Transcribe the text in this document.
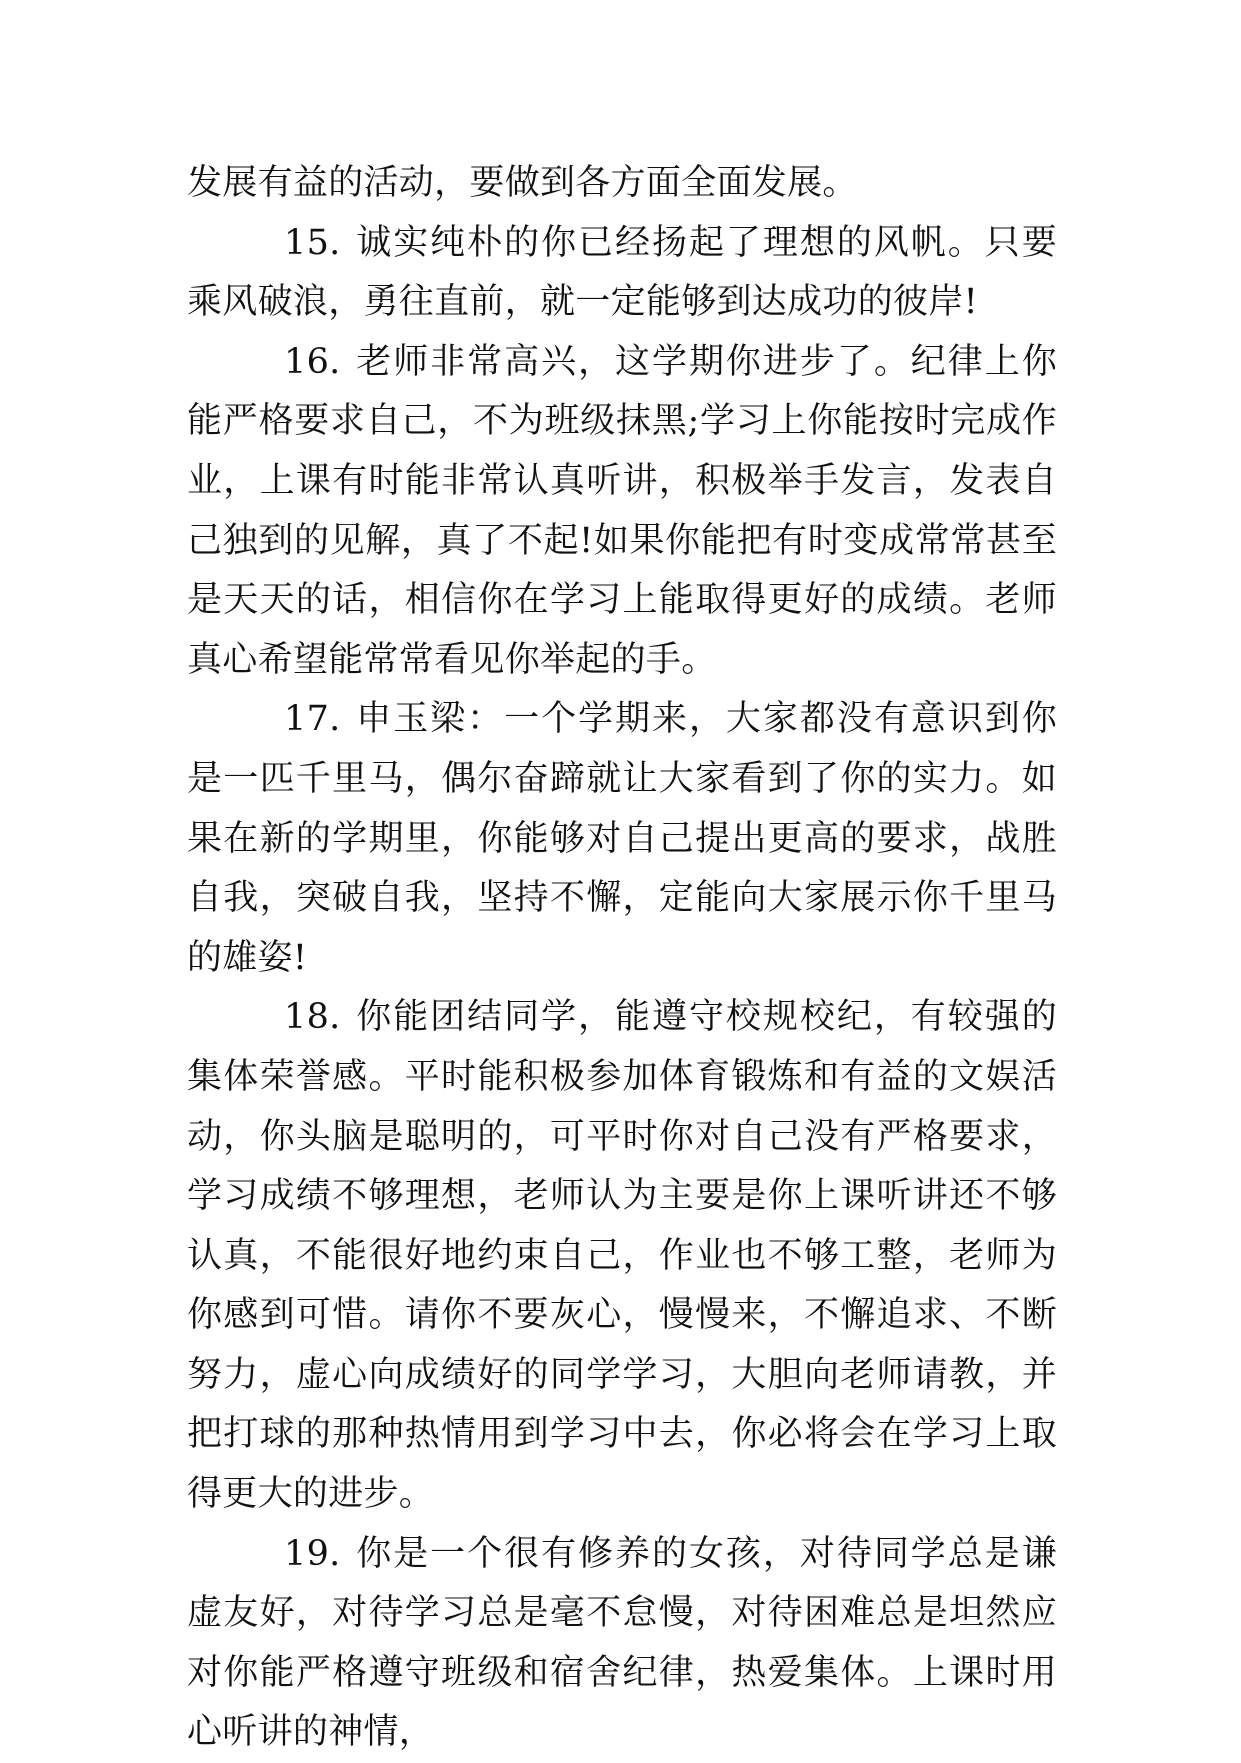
发展有益的活动，要做到各方面全面发展。

15. 诚实纯朴的你已经扬起了理想的风帆。只要乘风破浪，勇往直前，就一定能够到达成功的彼岸!

16. 老师非常高兴，这学期你进步了。纪律上你能严格要求自己，不为班级抹黑;学习上你能按时完成作业，上课有时能非常认真听讲，积极举手发言，发表自己独到的见解，真了不起!如果你能把有时变成常常甚至是天天的话，相信你在学习上能取得更好的成绩。老师真心希望能常常看见你举起的手。

17. 申玉梁：一个学期来，大家都没有意识到你是一匹千里马，偶尔奋蹄就让大家看到了你的实力。如果在新的学期里，你能够对自己提出更高的要求，战胜自我，突破自我，坚持不懈，定能向大家展示你千里马的雄姿!

18. 你能团结同学，能遵守校规校纪，有较强的集体荣誉感。平时能积极参加体育锻炼和有益的文娱活动，你头脑是聪明的，可平时你对自己没有严格要求，学习成绩不够理想，老师认为主要是你上课听讲还不够认真，不能很好地约束自己，作业也不够工整，老师为你感到可惜。请你不要灰心，慢慢来，不懈追求、不断努力，虚心向成绩好的同学学习，大胆向老师请教，并把打球的那种热情用到学习中去，你必将会在学习上取得更大的进步。

19. 你是一个很有修养的女孩，对待同学总是谦虚友好，对待学习总是毫不怠慢，对待困难总是坦然应对你能严格遵守班级和宿舍纪律，热爱集体。上课时用心听讲的神情，
